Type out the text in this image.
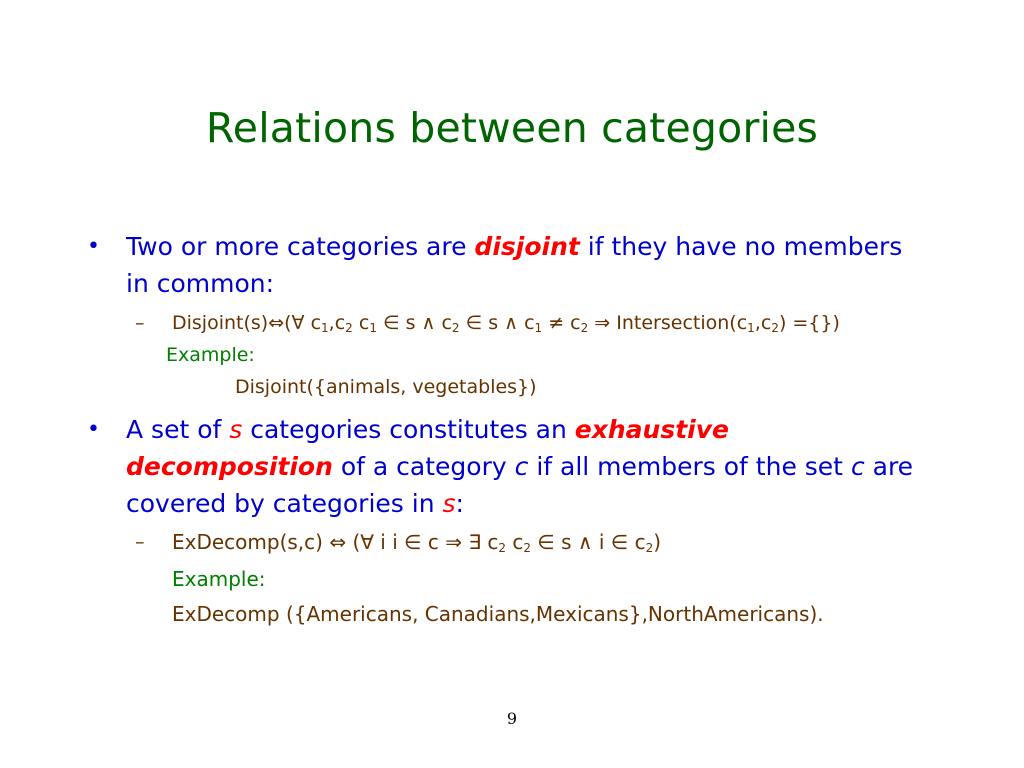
Relations between categories
• Two or more categories are disjoint if they have no members in common:
– Disjoint(s)⇔(∀ $c_1,c_2$ $c_1$ ∈ s ∧ $c_2$ ∈ s ∧ $c_1 \ne c_2$ ⇒ $Intersection(c_1,c_2)$ ={})
Example:
Disjoint({animals, vegetables})
• A set of s categories constitutes an exhaustive
decomposition of a category c if all members of the set c are covered by categories in s:
– ExDecomp(s,c) ⇔ (∀ i i ∈ c ⇒ ∃ $c_2$ $c_2$ ∈ s ∧ i ∈ $c_2$)
Example:
ExDecomp ({Americans, Canadians,Mexicans},NorthAmericans).
9
